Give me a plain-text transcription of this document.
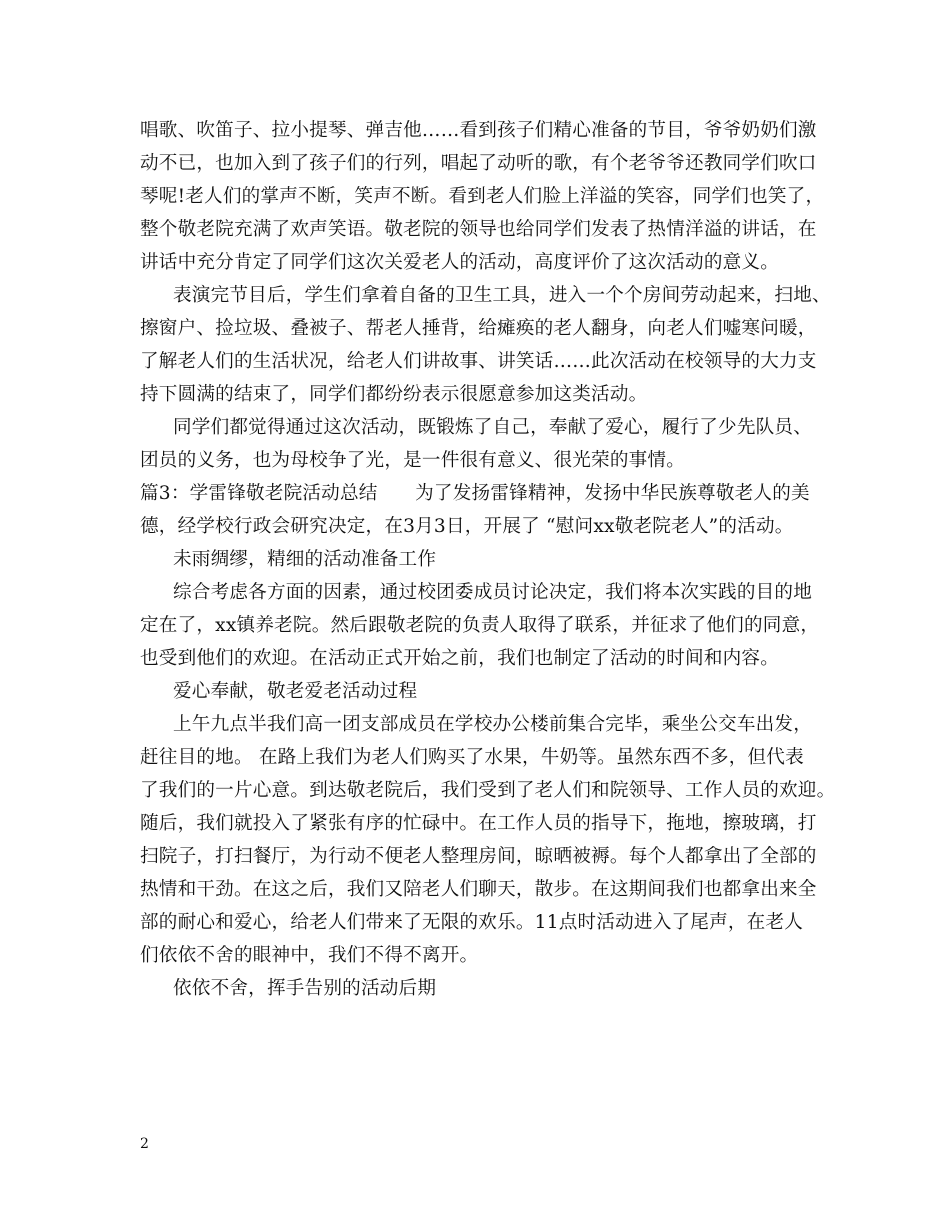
唱歌、吹笛子、拉小提琴、弹吉他……看到孩子们精心准备的节目，爷爷奶奶们激
动不已，也加入到了孩子们的行列，唱起了动听的歌，有个老爷爷还教同学们吹口
琴呢!老人们的掌声不断，笑声不断。看到老人们脸上洋溢的笑容，同学们也笑了，
整个敬老院充满了欢声笑语。敬老院的领导也给同学们发表了热情洋溢的讲话，在
讲话中充分肯定了同学们这次关爱老人的活动，高度评价了这次活动的意义。
表演完节目后，学生们拿着自备的卫生工具，进入一个个房间劳动起来，扫地、
擦窗户、捡垃圾、叠被子、帮老人捶背，给瘫痪的老人翻身，向老人们嘘寒问暖，
了解老人们的生活状况，给老人们讲故事、讲笑话……此次活动在校领导的大力支
持下圆满的结束了，同学们都纷纷表示很愿意参加这类活动。
同学们都觉得通过这次活动，既锻炼了自己，奉献了爱心，履行了少先队员、
团员的义务，也为母校争了光，是一件很有意义、很光荣的事情。
篇3：学雷锋敬老院活动总结　　为了发扬雷锋精神，发扬中华民族尊敬老人的美
德，经学校行政会研究决定，在3月3日，开展了 “慰问xx敬老院老人”的活动。
未雨绸缪，精细的活动准备工作
综合考虑各方面的因素，通过校团委成员讨论决定，我们将本次实践的目的地
定在了，xx镇养老院。然后跟敬老院的负责人取得了联系，并征求了他们的同意，
也受到他们的欢迎。在活动正式开始之前，我们也制定了活动的时间和内容。
爱心奉献，敬老爱老活动过程
上午九点半我们高一团支部成员在学校办公楼前集合完毕，乘坐公交车出发，
赶往目的地。 在路上我们为老人们购买了水果，牛奶等。虽然东西不多，但代表
了我们的一片心意。到达敬老院后，我们受到了老人们和院领导、工作人员的欢迎。
随后，我们就投入了紧张有序的忙碌中。在工作人员的指导下，拖地，擦玻璃，打
扫院子，打扫餐厅，为行动不便老人整理房间，晾晒被褥。每个人都拿出了全部的
热情和干劲。在这之后，我们又陪老人们聊天，散步。在这期间我们也都拿出来全
部的耐心和爱心，给老人们带来了无限的欢乐。11点时活动进入了尾声，在老人
们依依不舍的眼神中，我们不得不离开。
依依不舍，挥手告别的活动后期
2
